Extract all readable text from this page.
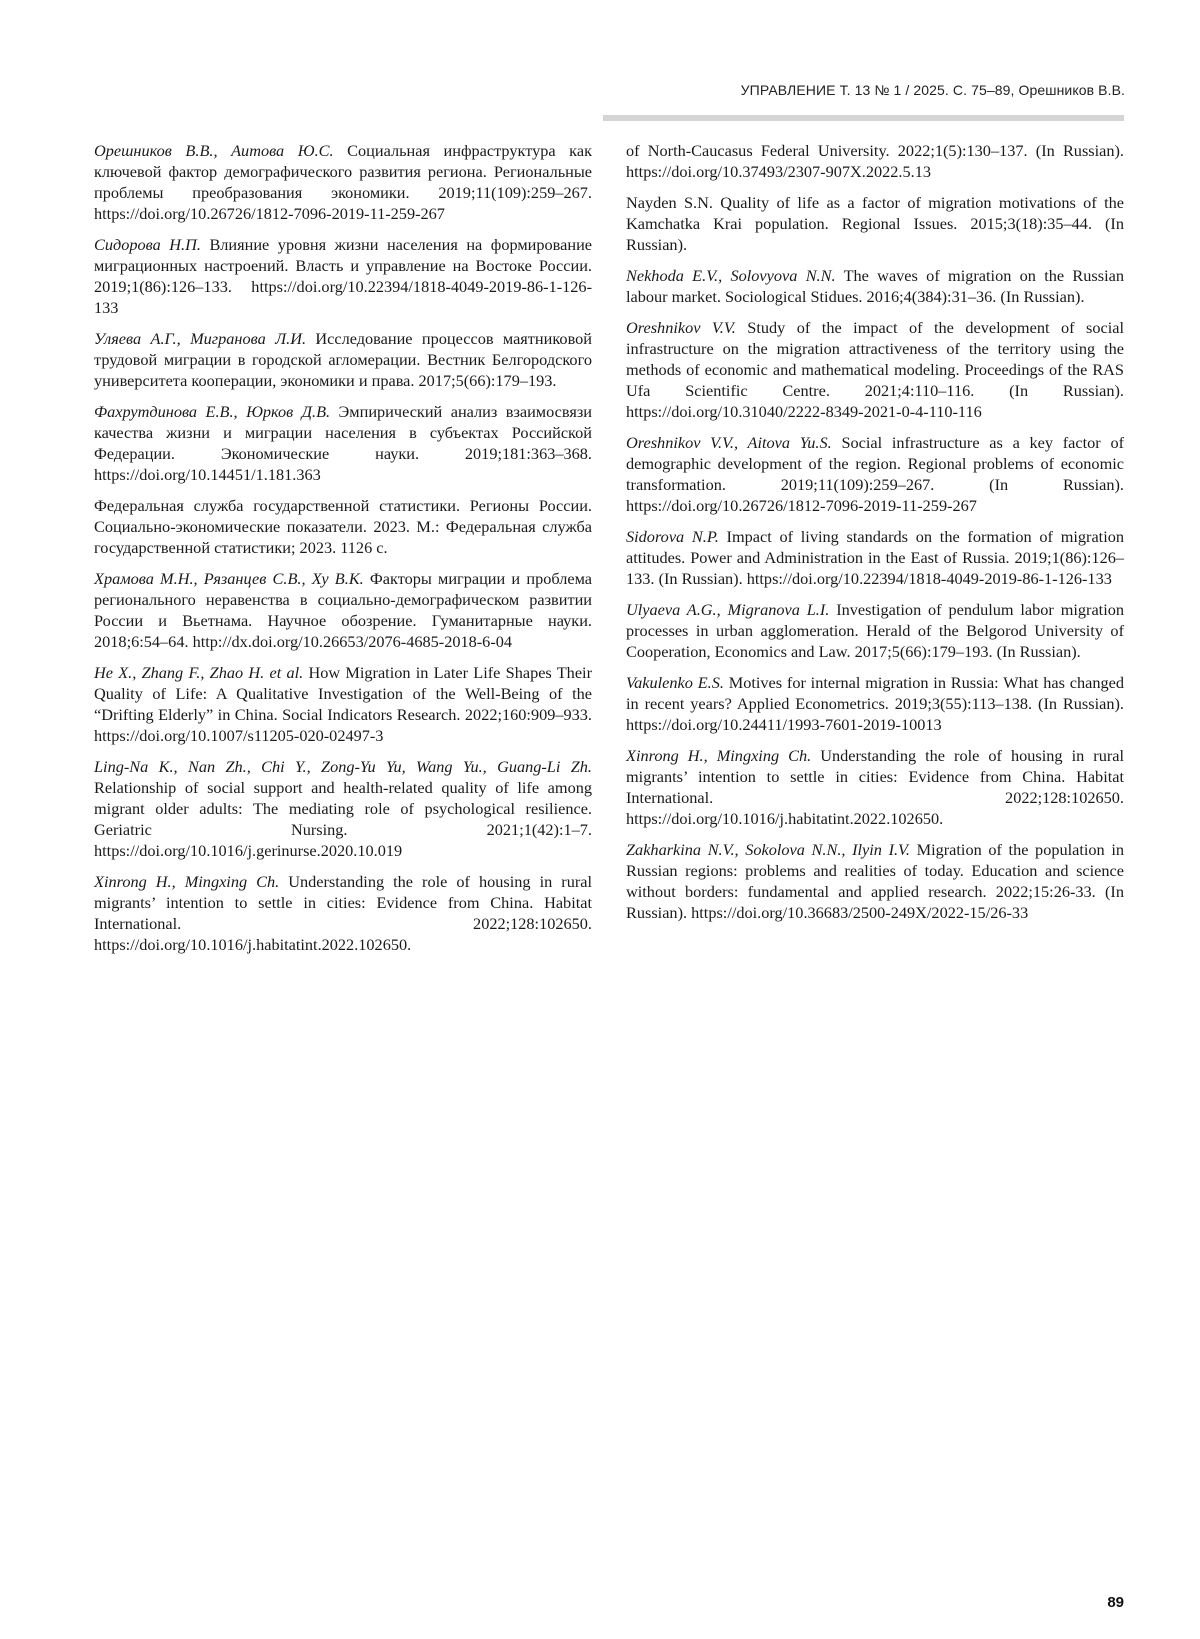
УПРАВЛЕНИЕ Т. 13 № 1 / 2025. С. 75–89, Орешников В.В.

Орешников В.В., Аитова Ю.С. Социальная инфраструктура как ключевой фактор демографического развития региона. Региональные проблемы преобразования экономики. 2019;11(109):259–267. https://doi.org/10.26726/1812-7096-2019-11-259-267

Сидорова Н.П. Влияние уровня жизни населения на формирование миграционных настроений. Власть и управление на Востоке России. 2019;1(86):126–133. https://doi.org/10.22394/1818-4049-2019-86-1-126-133

Уляева А.Г., Мигранова Л.И. Исследование процессов маятниковой трудовой миграции в городской агломерации. Вестник Белгородского университета кооперации, экономики и права. 2017;5(66):179–193.

Фахрутдинова Е.В., Юрков Д.В. Эмпирический анализ взаимосвязи качества жизни и миграции населения в субъектах Российской Федерации. Экономические науки. 2019;181:363–368. https://doi.org/10.14451/1.181.363

Федеральная служба государственной статистики. Регионы России. Социально-экономические показатели. 2023. М.: Федеральная служба государственной статистики; 2023. 1126 с.

Храмова М.Н., Рязанцев С.В., Ху В.К. Факторы миграции и проблема регионального неравенства в социально-демографическом развитии России и Вьетнама. Научное обозрение. Гуманитарные науки. 2018;6:54–64. http://dx.doi.org/10.26653/2076-4685-2018-6-04

He X., Zhang F., Zhao H. et al. How Migration in Later Life Shapes Their Quality of Life: A Qualitative Investigation of the Well-Being of the “Drifting Elderly” in China. Social Indicators Research. 2022;160:909–933. https://doi.org/10.1007/s11205-020-02497-3

Ling-Na K., Nan Zh., Chi Y., Zong-Yu Yu, Wang Yu., Guang-Li Zh. Relationship of social support and health-related quality of life among migrant older adults: The mediating role of psychological resilience. Geriatric Nursing. 2021;1(42):1–7. https://doi.org/10.1016/j.gerinurse.2020.10.019

Xinrong H., Mingxing Ch. Understanding the role of housing in rural migrants’ intention to settle in cities: Evidence from China. Habitat International. 2022;128:102650. https://doi.org/10.1016/j.habitatint.2022.102650.

of North-Caucasus Federal University. 2022;1(5):130–137. (In Russian). https://doi.org/10.37493/2307-907X.2022.5.13

Nayden S.N. Quality of life as a factor of migration motivations of the Kamchatka Krai population. Regional Issues. 2015;3(18):35–44. (In Russian).

Nekhoda E.V., Solovyova N.N. The waves of migration on the Russian labour market. Sociological Stidues. 2016;4(384):31–36. (In Russian).

Oreshnikov V.V. Study of the impact of the development of social infrastructure on the migration attractiveness of the territory using the methods of economic and mathematical modeling. Proceedings of the RAS Ufa Scientific Centre. 2021;4:110–116. (In Russian). https://doi.org/10.31040/2222-8349-2021-0-4-110-116

Oreshnikov V.V., Aitova Yu.S. Social infrastructure as a key factor of demographic development of the region. Regional problems of economic transformation. 2019;11(109):259–267. (In Russian). https://doi.org/10.26726/1812-7096-2019-11-259-267

Sidorova N.P. Impact of living standards on the formation of migration attitudes. Power and Administration in the East of Russia. 2019;1(86):126–133. (In Russian). https://doi.org/10.22394/1818-4049-2019-86-1-126-133

Ulyaeva A.G., Migranova L.I. Investigation of pendulum labor migration processes in urban agglomeration. Herald of the Belgorod University of Cooperation, Economics and Law. 2017;5(66):179–193. (In Russian).

Vakulenko E.S. Motives for internal migration in Russia: What has changed in recent years? Applied Econometrics. 2019;3(55):113–138. (In Russian). https://doi.org/10.24411/1993-7601-2019-10013

Xinrong H., Mingxing Ch. Understanding the role of housing in rural migrants’ intention to settle in cities: Evidence from China. Habitat International. 2022;128:102650. https://doi.org/10.1016/j.habitatint.2022.102650.

Zakharkina N.V., Sokolova N.N., Ilyin I.V. Migration of the population in Russian regions: problems and realities of today. Education and science without borders: fundamental and applied research. 2022;15:26-33. (In Russian). https://doi.org/10.36683/2500-249X/2022-15/26-33

89
